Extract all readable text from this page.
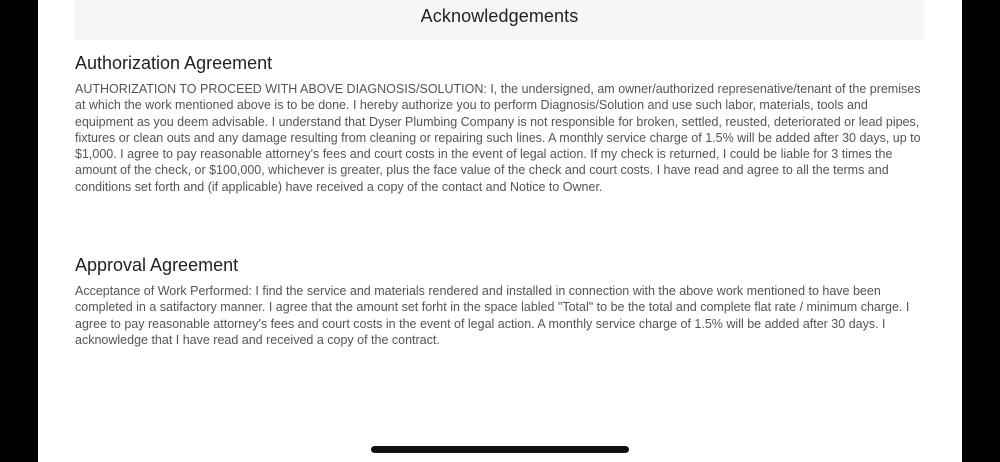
Acknowledgements
Authorization Agreement

AUTHORIZATION TO PROCEED WITH ABOVE DIAGNOSIS/SOLUTION: I, the undersigned, am owner/authorized represenative/tenant of the premises at which the work mentioned above is to be done. I hereby authorize you to perform Diagnosis/Solution and use such labor, materials, tools and equipment as you deem advisable. I understand that Dyser Plumbing Company is not responsible for broken, settled, reusted, deteriorated or lead pipes, fixtures or clean outs and any damage resulting from cleaning or repairing such lines. A monthly service charge of 1.5% will be added after 30 days, up to $1,000. I agree to pay reasonable attorney's fees and court costs in the event of legal action. If my check is returned, I could be liable for 3 times the amount of the check, or $100,000, whichever is greater, plus the face value of the check and court costs. I have read and agree to all the terms and conditions set forth and (if applicable) have received a copy of the contact and Notice to Owner.

Approval Agreement

Acceptance of Work Performed: I find the service and materials rendered and installed in connection with the above work mentioned to have been completed in a satifactory manner. I agree that the amount set forht in the space labled "Total" to be the total and complete flat rate / minimum charge. I agree to pay reasonable attorney's fees and court costs in the event of legal action. A monthly service charge of 1.5% will be added after 30 days. I acknowledge that I have read and received a copy of the contract.
